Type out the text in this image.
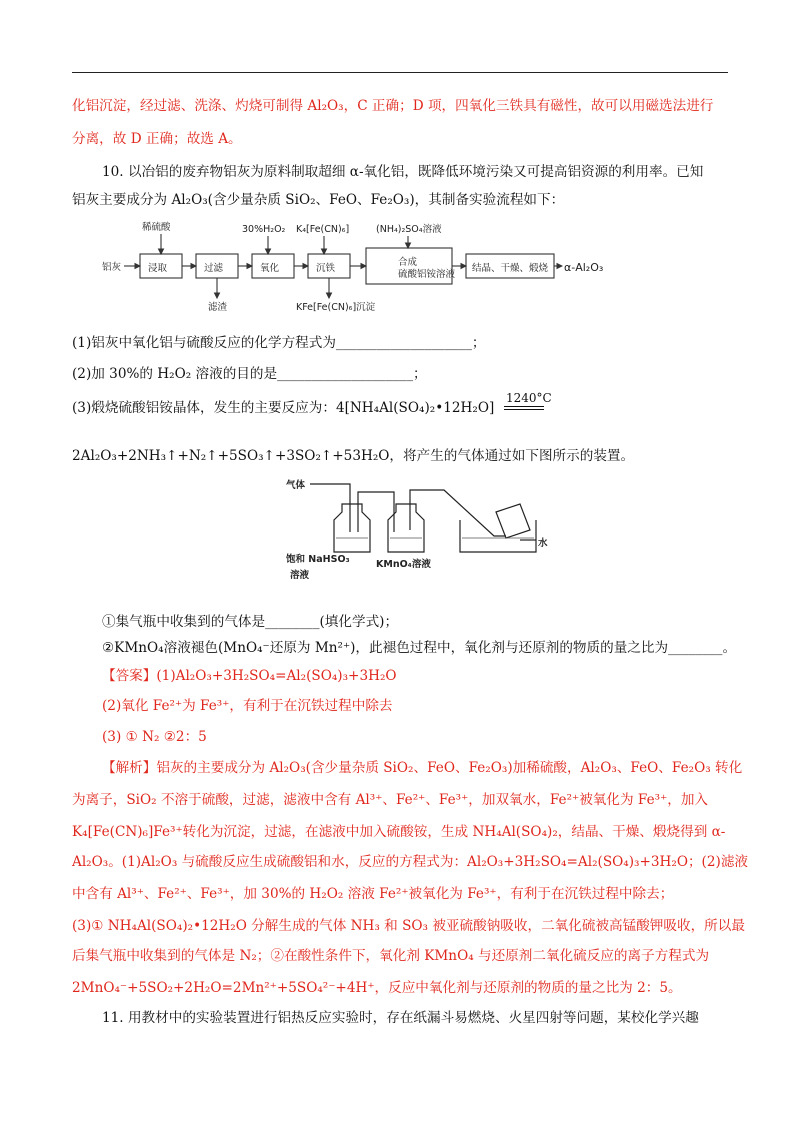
化铝沉淀，经过滤、洗涤、灼烧可制得 Al₂O₃，C 正确；D 项，四氧化三铁具有磁性，故可以用磁选法进行
分离，故 D 正确；故选 A。
10. 以冶铝的废弃物铝灰为原料制取超细 α-氧化铝，既降低环境污染又可提高铝资源的利用率。已知
铝灰主要成分为 Al₂O₃(含少量杂质 SiO₂、FeO、Fe₂O₃)，其制备实验流程如下：
稀硫酸	30%H₂O₂ K₄[Fe(CN)₆]	(NH₄)₂SO₄溶液
铝灰	浸取	过滤	氧化	沉铁
合成硫酸铝铵溶液
结晶、干燥、煅烧 α-Al₂O₃
滤渣	KFe[Fe(CN)₆]沉淀
(1)铝灰中氧化铝与硫酸反应的化学方程式为____________________；
(2)加 30%的 H₂O₂ 溶液的目的是____________________；
(3)煅烧硫酸铝铵晶体，发生的主要反应为：4[NH₄Al(SO₄)₂•12H₂O]
1240°C
2Al₂O₃+2NH₃↑+N₂↑+5SO₃↑+3SO₂↑+53H₂O，将产生的气体通过如下图所示的装置。
气体
饱和 NaHSO₃
溶液
KMnO₄溶液
水
①集气瓶中收集到的气体是________(填化学式)；
②KMnO₄溶液褪色(MnO₄⁻还原为 Mn²⁺)，此褪色过程中，氧化剂与还原剂的物质的量之比为________。
【答案】(1)Al₂O₃+3H₂SO₄=Al₂(SO₄)₃+3H₂O
(2)氧化 Fe²⁺为 Fe³⁺，有利于在沉铁过程中除去
(3) ① N₂ ②2：5
【解析】铝灰的主要成分为 Al₂O₃(含少量杂质 SiO₂、FeO、Fe₂O₃)加稀硫酸，Al₂O₃、FeO、Fe₂O₃ 转化
为离子，SiO₂ 不溶于硫酸，过滤，滤液中含有 Al³⁺、Fe²⁺、Fe³⁺，加双氧水，Fe²⁺被氧化为 Fe³⁺，加入
K₄[Fe(CN)₆]Fe³⁺转化为沉淀，过滤，在滤液中加入硫酸铵，生成 NH₄Al(SO₄)₂，结晶、干燥、煅烧得到 α-
Al₂O₃。(1)Al₂O₃ 与硫酸反应生成硫酸铝和水，反应的方程式为：Al₂O₃+3H₂SO₄=Al₂(SO₄)₃+3H₂O；(2)滤液
中含有 Al³⁺、Fe²⁺、Fe³⁺，加 30%的 H₂O₂ 溶液 Fe²⁺被氧化为 Fe³⁺，有利于在沉铁过程中除去；
(3)① NH₄Al(SO₄)₂•12H₂O 分解生成的气体 NH₃ 和 SO₃ 被亚硫酸钠吸收，二氧化硫被高锰酸钾吸收，所以最
后集气瓶中收集到的气体是 N₂；②在酸性条件下，氧化剂 KMnO₄ 与还原剂二氧化硫反应的离子方程式为
2MnO₄⁻+5SO₂+2H₂O=2Mn²⁺+5SO₄²⁻+4H⁺，反应中氧化剂与还原剂的物质的量之比为 2：5。
11. 用教材中的实验装置进行铝热反应实验时，存在纸漏斗易燃烧、火星四射等问题，某校化学兴趣
